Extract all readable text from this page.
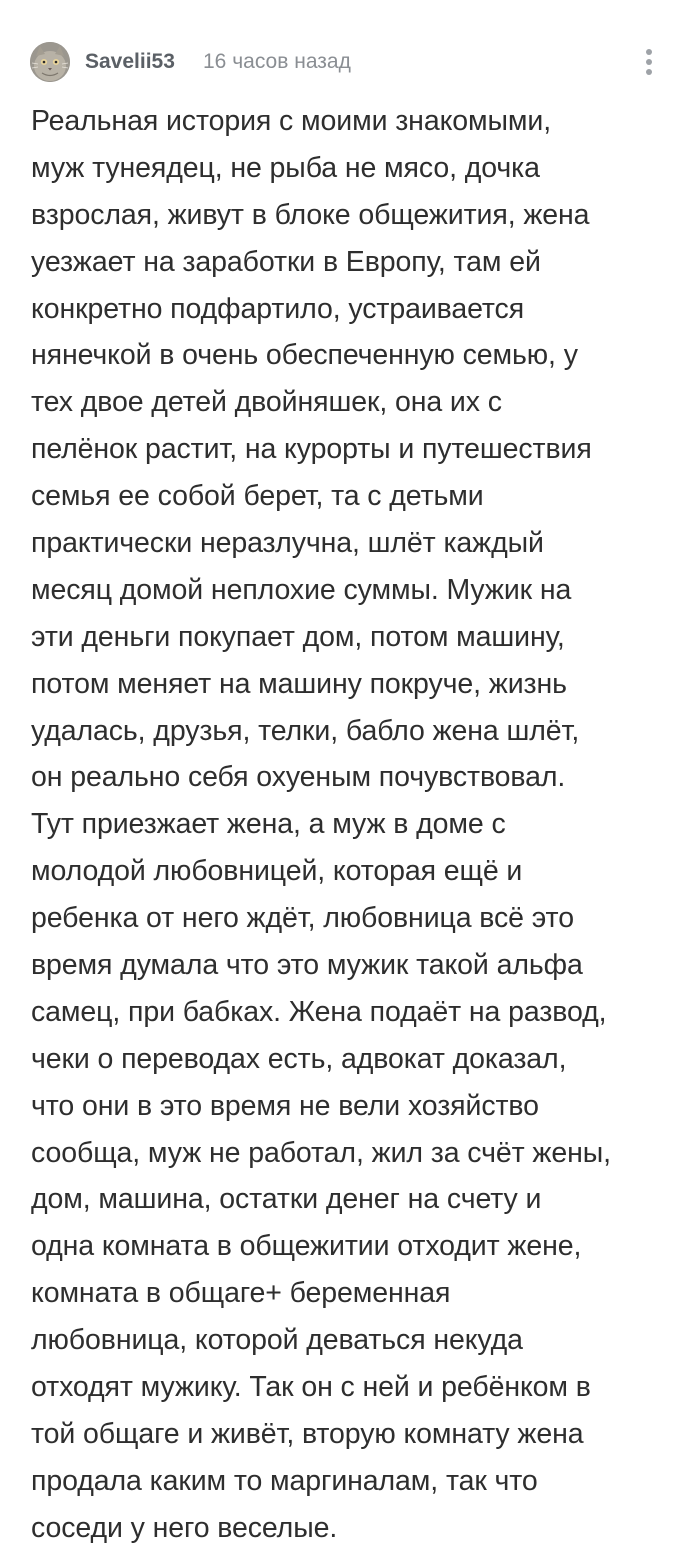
Savelii53 16 часов назад
Реальная история с моими знакомыми,
муж тунеядец, не рыба не мясо, дочка
взрослая, живут в блоке общежития, жена
уезжает на заработки в Европу, там ей
конкретно подфартило, устраивается
нянечкой в очень обеспеченную семью, у
тех двое детей двойняшек, она их с
пелёнок растит, на курорты и путешествия
семья ее собой берет, та с детьми
практически неразлучна, шлёт каждый
месяц домой неплохие суммы. Мужик на
эти деньги покупает дом, потом машину,
потом меняет на машину покруче, жизнь
удалась, друзья, телки, бабло жена шлёт,
он реально себя охуеным почувствовал.
Тут приезжает жена, а муж в доме с
молодой любовницей, которая ещё и
ребенка от него ждёт, любовница всё это
время думала что это мужик такой альфа
самец, при бабках. Жена подаёт на развод,
чеки о переводах есть, адвокат доказал,
что они в это время не вели хозяйство
сообща, муж не работал, жил за счёт жены,
дом, машина, остатки денег на счету и
одна комната в общежитии отходит жене,
комната в общаге+ беременная
любовница, которой деваться некуда
отходят мужику. Так он с ней и ребёнком в
той общаге и живёт, вторую комнату жена
продала каким то маргиналам, так что
соседи у него веселые.
